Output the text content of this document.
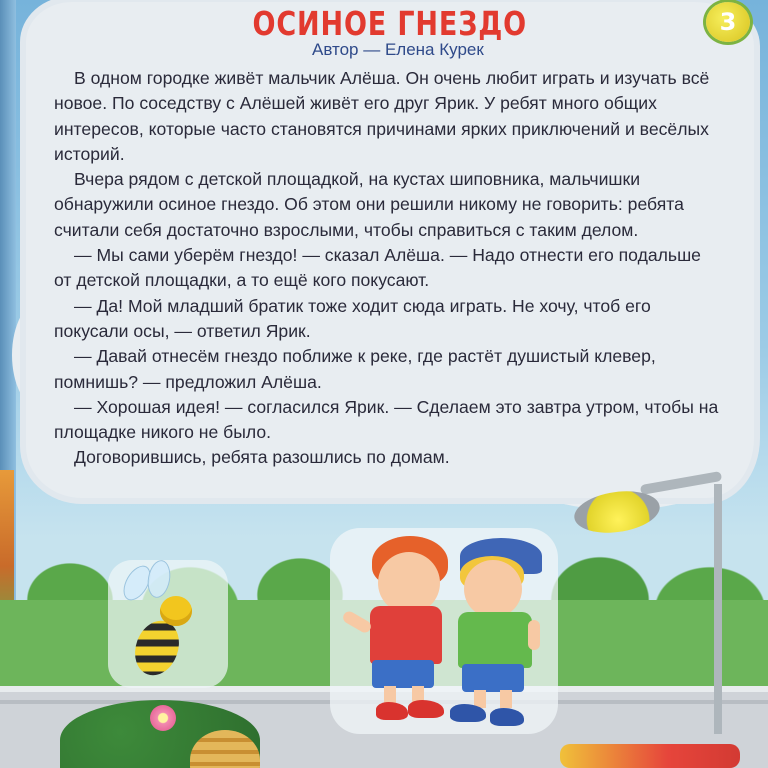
ОСИНОЕ ГНЕЗДО
Автор — Елена Курек
3

В одном городке живёт мальчик Алёша. Он очень любит играть и изучать всё новое. По соседству с Алёшей живёт его друг Ярик. У ребят много общих интересов, которые часто становятся причинами ярких приключений и весёлых историй.

Вчера рядом с детской площадкой, на кустах шиповника, мальчишки обнаружили осиное гнездо. Об этом они решили никому не говорить: ребята считали себя достаточно взрослыми, чтобы справиться с таким делом.

— Мы сами уберём гнездо! — сказал Алёша. — Надо отнести его подальше от детской площадки, а то ещё кого покусают.

— Да! Мой младший братик тоже ходит сюда играть. Не хочу, чтоб его покусали осы, — ответил Ярик.

— Давай отнесём гнездо поближе к реке, где растёт душистый клевер, помнишь? — предложил Алёша.

— Хорошая идея! — согласился Ярик. — Сделаем это завтра утром, чтобы на площадке никого не было.

Договорившись, ребята разошлись по домам.
